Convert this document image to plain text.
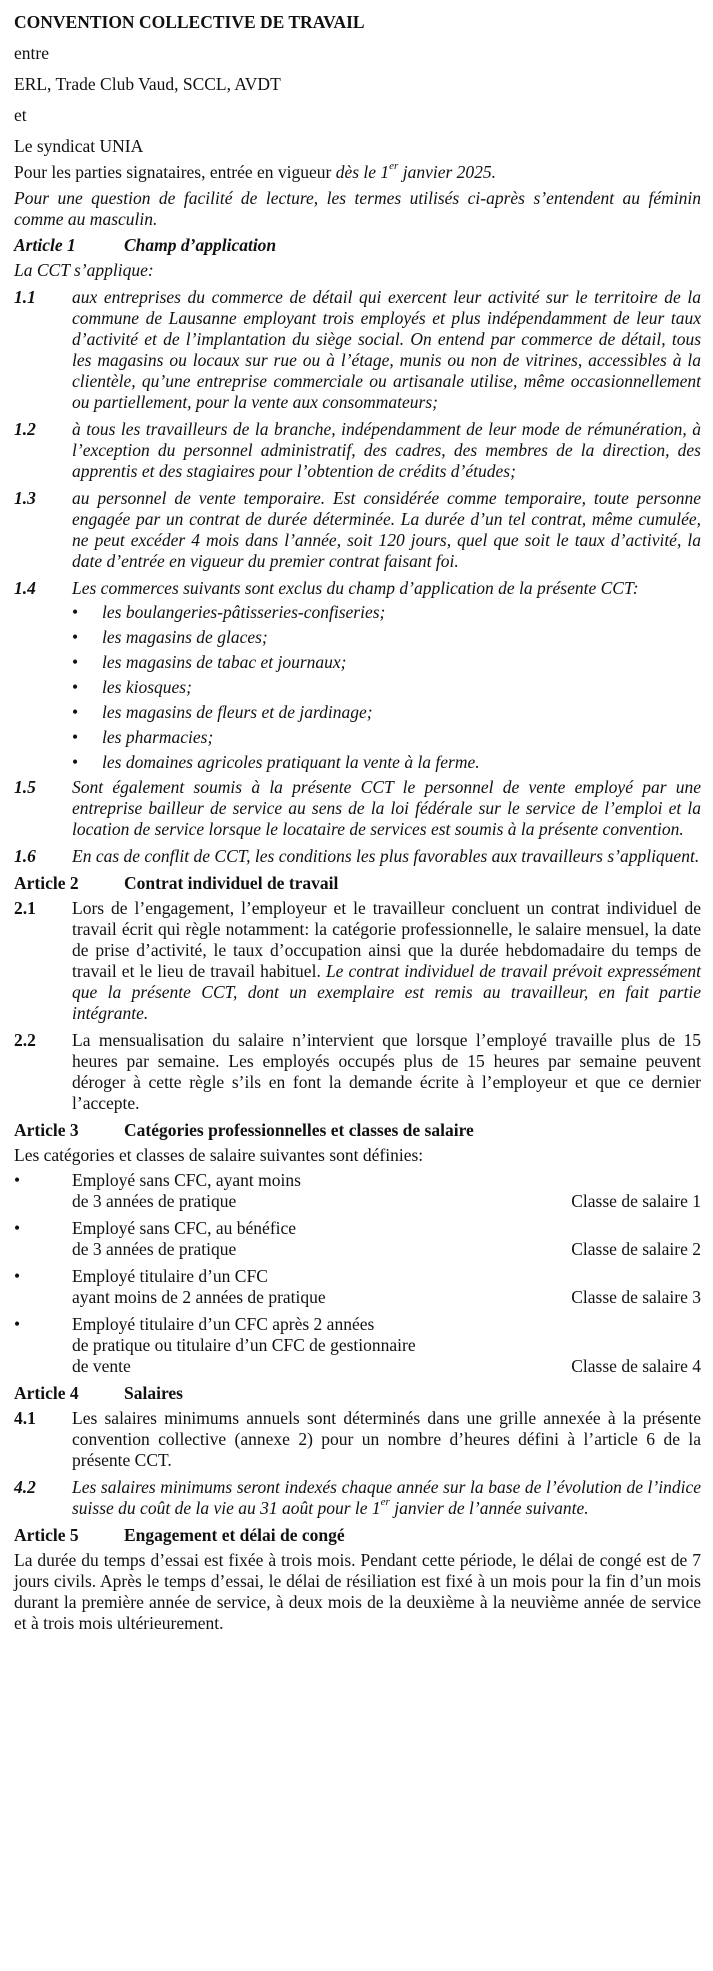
CONVENTION COLLECTIVE DE TRAVAIL

entre

ERL, Trade Club Vaud, SCCL, AVDT

et

Le syndicat UNIA

Pour les parties signataires, entrée en vigueur dès le 1er janvier 2025.

Pour une question de facilité de lecture, les termes utilisés ci-après s’entendent au féminin comme au masculin.

Article 1	Champ d’application

La CCT s’applique:

1.1	aux entreprises du commerce de détail qui exercent leur activité sur le territoire de la commune de Lausanne employant trois employés et plus indépendamment de leur taux d’activité et de l’implantation du siège social. On entend par commerce de détail, tous les magasins ou locaux sur rue ou à l’étage, munis ou non de vitrines, accessibles à la clientèle, qu’une entreprise commerciale ou artisanale utilise, même occasionnellement ou partiellement, pour la vente aux consommateurs;
1.2	à tous les travailleurs de la branche, indépendamment de leur mode de rémunération, à l’exception du personnel administratif, des cadres, des membres de la direction, des apprentis et des stagiaires pour l’obtention de crédits d’études;
1.3	au personnel de vente temporaire. Est considérée comme temporaire, toute personne engagée par un contrat de durée déterminée. La durée d’un tel contrat, même cumulée, ne peut excéder 4 mois dans l’année, soit 120 jours, quel que soit le taux d’activité, la date d’entrée en vigueur du premier contrat faisant foi.
1.4	Les commerces suivants sont exclus du champ d’application de la présente CCT:
•	les boulangeries-pâtisseries-confiseries;
•	les magasins de glaces;
•	les magasins de tabac et journaux;
•	les kiosques;
•	les magasins de fleurs et de jardinage;
•	les pharmacies;
•	les domaines agricoles pratiquant la vente à la ferme.
1.5	Sont également soumis à la présente CCT le personnel de vente employé par une entreprise bailleur de service au sens de la loi fédérale sur le service de l’emploi et la location de service lorsque le locataire de services est soumis à la présente convention.
1.6	En cas de conflit de CCT, les conditions les plus favorables aux travailleurs s’appliquent.
Article 2	Contrat individuel de travail
2.1	Lors de l’engagement, l’employeur et le travailleur concluent un contrat individuel de travail écrit qui règle notamment: la catégorie professionnelle, le salaire mensuel, la date de prise d’activité, le taux d’occupation ainsi que la durée hebdomadaire du temps de travail et le lieu de travail habituel. Le contrat individuel de travail prévoit expressément que la présente CCT, dont un exemplaire est remis au travailleur, en fait partie intégrante.
2.2	La mensualisation du salaire n’intervient que lorsque l’employé travaille plus de 15 heures par semaine. Les employés occupés plus de 15 heures par semaine peuvent déroger à cette règle s’ils en font la demande écrite à l’employeur et que ce dernier l’accepte.
Article 3	Catégories professionnelles et classes de salaire

Les catégories et classes de salaire suivantes sont définies:

•	Employé sans CFC, ayant moins
de 3 années de pratique	Classe de salaire 1
•	Employé sans CFC, au bénéfice
de 3 années de pratique	Classe de salaire 2
•	Employé titulaire d’un CFC
ayant moins de 2 années de pratique	Classe de salaire 3
•	Employé titulaire d’un CFC après 2 années
de pratique ou titulaire d’un CFC de gestionnaire
de vente	Classe de salaire 4
Article 4	Salaires
4.1	Les salaires minimums annuels sont déterminés dans une grille annexée à la présente convention collective (annexe 2) pour un nombre d’heures défini à l’article 6 de la présente CCT.
4.2	Les salaires minimums seront indexés chaque année sur la base de l’évolution de l’indice suisse du coût de la vie au 31 août pour le 1er janvier de l’année suivante.
Article 5	Engagement et délai de congé

La durée du temps d’essai est fixée à trois mois. Pendant cette période, le délai de congé est de 7 jours civils. Après le temps d’essai, le délai de résiliation est fixé à un mois pour la fin d’un mois durant la première année de service, à deux mois de la deuxième à la neuvième année de service et à trois mois ultérieurement.
